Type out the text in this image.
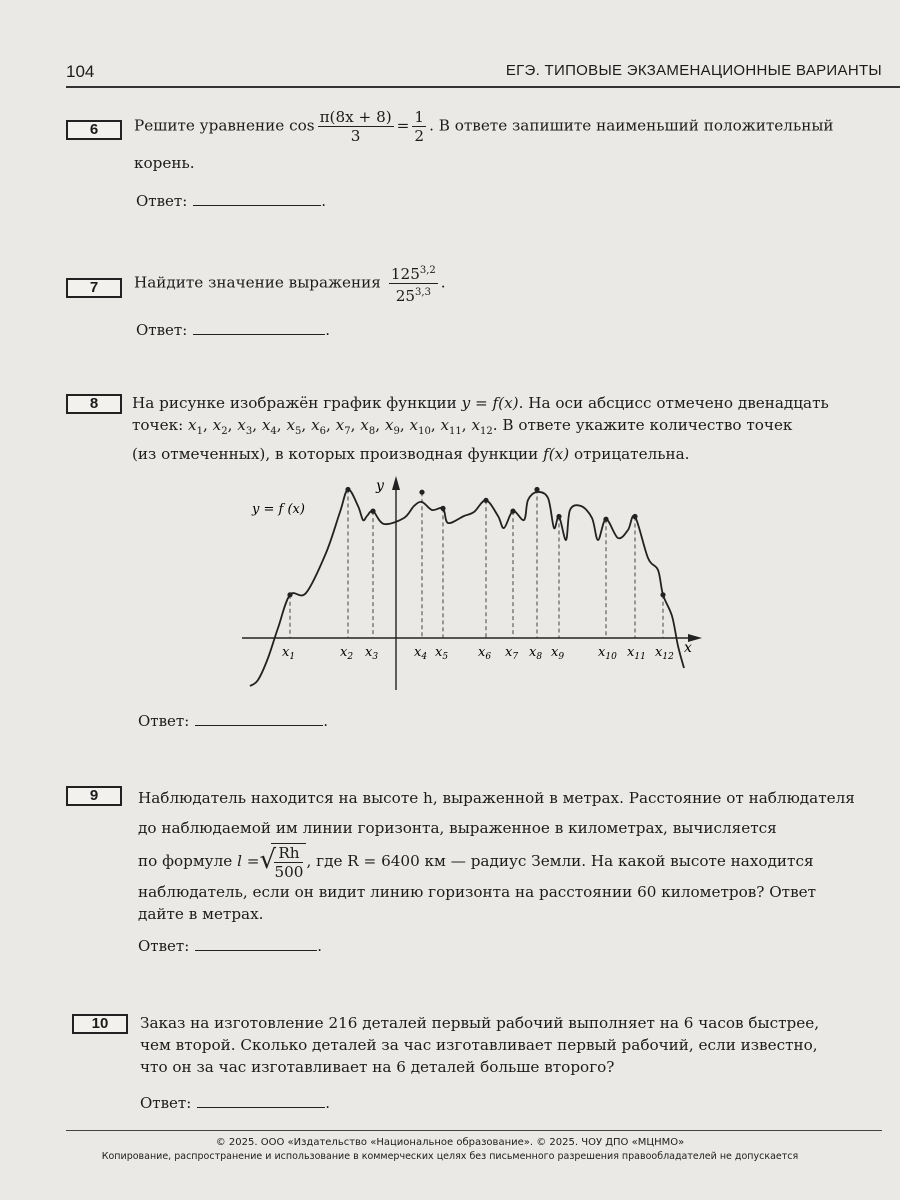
104	ЕГЭ. ТИПОВЫЕ ЭКЗАМЕНАЦИОННЫЕ ВАРИАНТЫ
6	Решите уравнение $\cos \frac{\pi(8x + 8)}{3} = \frac{1}{2}$ . В ответе запишите наименьший положительный
корень.
Ответ:	.
7	Найдите значение выражения $\frac{125^{3,2}}{25^{3,3}}$ .
Ответ:	.
8	На рисунке изображён график функции y = f(x). На оси абсцисс отмечено двенадцать
точек: $x_1$, $x_2$, $x_3$, $x_4$, $x_5$, $x_6$, $x_7$, $x_8$, $x_9$, $x_{10}$, $x_{11}$, $x_{12}$. В ответе укажите количество точек
(из отмеченных), в которых производная функции f(x) отрицательна.
x
y
y = f (x)
$x_1$	$x_2$ $x_3$	$x_4$ $x_5$ $x_6$ $x_7$ $x_8$ $x_9$	$x_{10}$ $x_{11}$ $x_{12}$
Ответ:	.
9	Наблюдатель находится на высоте h, выраженной в метрах. Расстояние от наблюдателя
до наблюдаемой им линии горизонта, выраженное в километрах, вычисляется
по формуле l = √
$\frac{Rh}{500}$ , где R = 6400 км — радиус Земли. На какой высоте находится
наблюдатель, если он видит линию горизонта на расстоянии 60 километров? Ответ
дайте в метрах.
Ответ:	.
10	Заказ на изготовление 216 деталей первый рабочий выполняет на 6 часов быстрее,
чем второй. Сколько деталей за час изготавливает первый рабочий, если известно,
что он за час изготавливает на 6 деталей больше второго?
Ответ:	.
© 2025. ООО «Издательство «Национальное образование». © 2025. ЧОУ ДПО «МЦНМО»
Копирование, распространение и использование в коммерческих целях без письменного разрешения правообладателей не допускается
